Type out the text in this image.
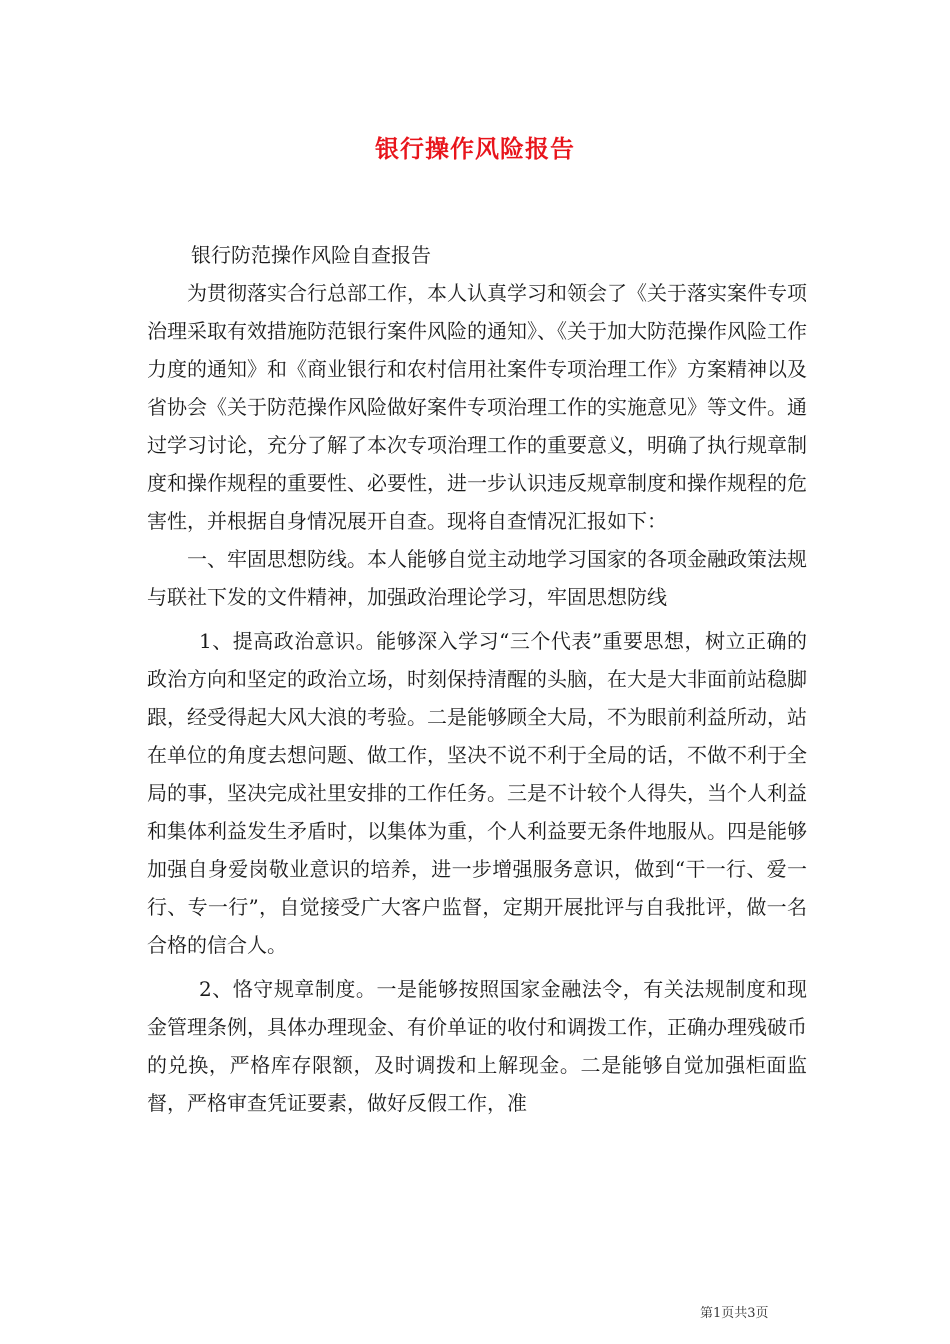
银行操作风险报告

银行防范操作风险自查报告

为贯彻落实合行总部工作，本人认真学习和领会了《关于落实案件专项治理采取有效措施防范银行案件风险的通知》、《关于加大防范操作风险工作力度的通知》和《商业银行和农村信用社案件专项治理工作》方案精神以及省协会《关于防范操作风险做好案件专项治理工作的实施意见》等文件。通过学习讨论，充分了解了本次专项治理工作的重要意义，明确了执行规章制度和操作规程的重要性、必要性，进一步认识违反规章制度和操作规程的危害性，并根据自身情况展开自查。现将自查情况汇报如下：

一、牢固思想防线。本人能够自觉主动地学习国家的各项金融政策法规与联社下发的文件精神，加强政治理论学习，牢固思想防线

1、提高政治意识。能够深入学习“三个代表”重要思想，树立正确的政治方向和坚定的政治立场，时刻保持清醒的头脑，在大是大非面前站稳脚跟，经受得起大风大浪的考验。二是能够顾全大局，不为眼前利益所动，站在单位的角度去想问题、做工作，坚决不说不利于全局的话，不做不利于全局的事，坚决完成社里安排的工作任务。三是不计较个人得失，当个人利益和集体利益发生矛盾时，以集体为重，个人利益要无条件地服从。四是能够加强自身爱岗敬业意识的培养，进一步增强服务意识，做到“干一行、爱一行、专一行”，自觉接受广大客户监督，定期开展批评与自我批评，做一名合格的信合人。

2、恪守规章制度。一是能够按照国家金融法令，有关法规制度和现金管理条例，具体办理现金、有价单证的收付和调拨工作，正确办理残破币的兑换，严格库存限额，及时调拨和上解现金。二是能够自觉加强柜面监督，严格审查凭证要素，做好反假工作，准

第1页共3页
